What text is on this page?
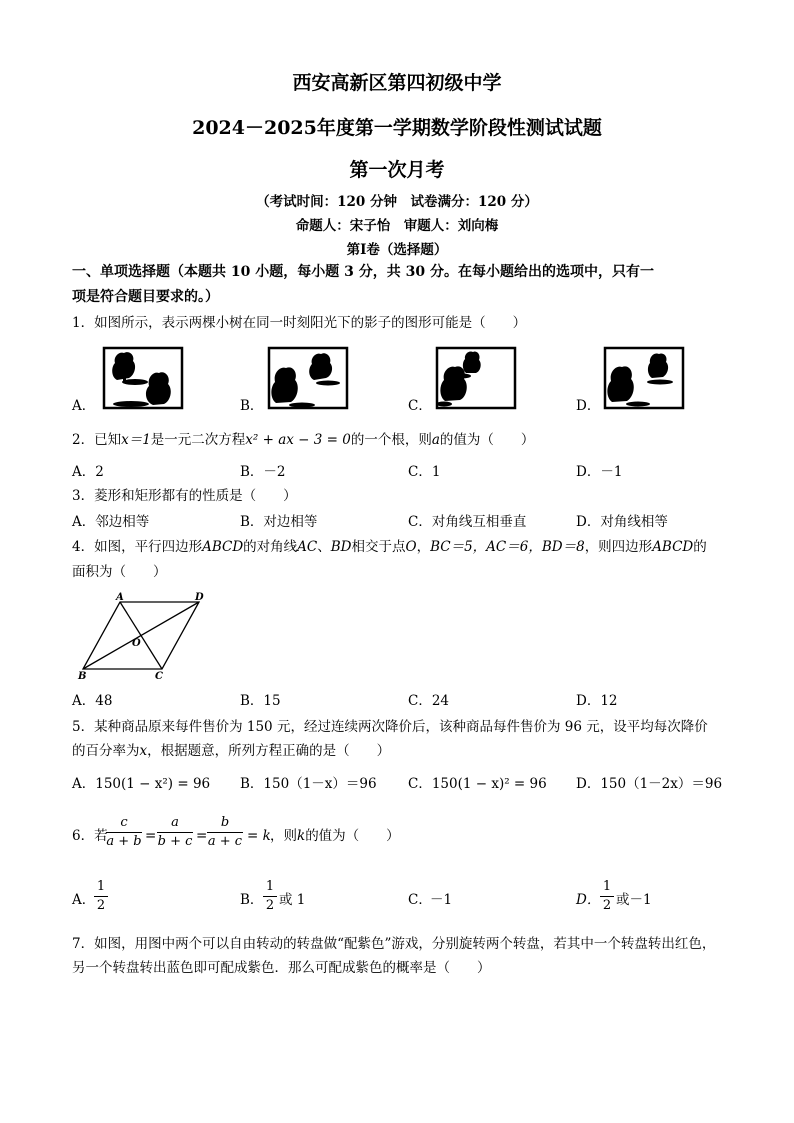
西安高新区第四初级中学
2024－2025年度第一学期数学阶段性测试试题
第一次月考
（考试时间：120 分钟　试卷满分：120 分）
命题人：宋子怡　审题人：刘向梅
第Ⅰ卷（选择题）
一、单项选择题（本题共 10 小题，每小题 3 分，共 30 分。在每小题给出的选项中，只有一
项是符合题目要求的。）
1．如图所示，表示两棵小树在同一时刻阳光下的影子的图形可能是（　　）
A．	B．	C．	D．
2．已知x＝1是一元二次方程x² + ax − 3 = 0的一个根，则a的值为（　　）
A．2	B．－2	C．1	D．－1
3．菱形和矩形都有的性质是（　　）
A．邻边相等	B．对边相等	C．对角线互相垂直	D．对角线相等
4．如图，平行四边形ABCD的对角线AC、BD相交于点O，BC＝5，AC＝6，BD＝8，则四边形ABCD的
面积为（　　）
A	D
B	C
O
A．48	B．15	C．24	D．12
5．某种商品原来每件售价为 150 元，经过连续两次降价后，该种商品每件售价为 96 元，设平均每次降价
的百分率为x，根据题意，所列方程正确的是（　　）
A．150(1 − x²) = 96 B．150（1－x）＝96 C．150(1 − x)² = 96 D．150（1－2x）＝96
6．若
c
a + b =
a
b + c =
b
a + c = k ，则k的值为（　　）
A．
1
2	B．
1
2 或 1	C．
－1	D．
1
2 或－1
7．如图，用图中两个可以自由转动的转盘做“配紫色”游戏，分别旋转两个转盘，若其中一个转盘转出红色，
另一个转盘转出蓝色即可配成紫色．那么可配成紫色的概率是（　　）
